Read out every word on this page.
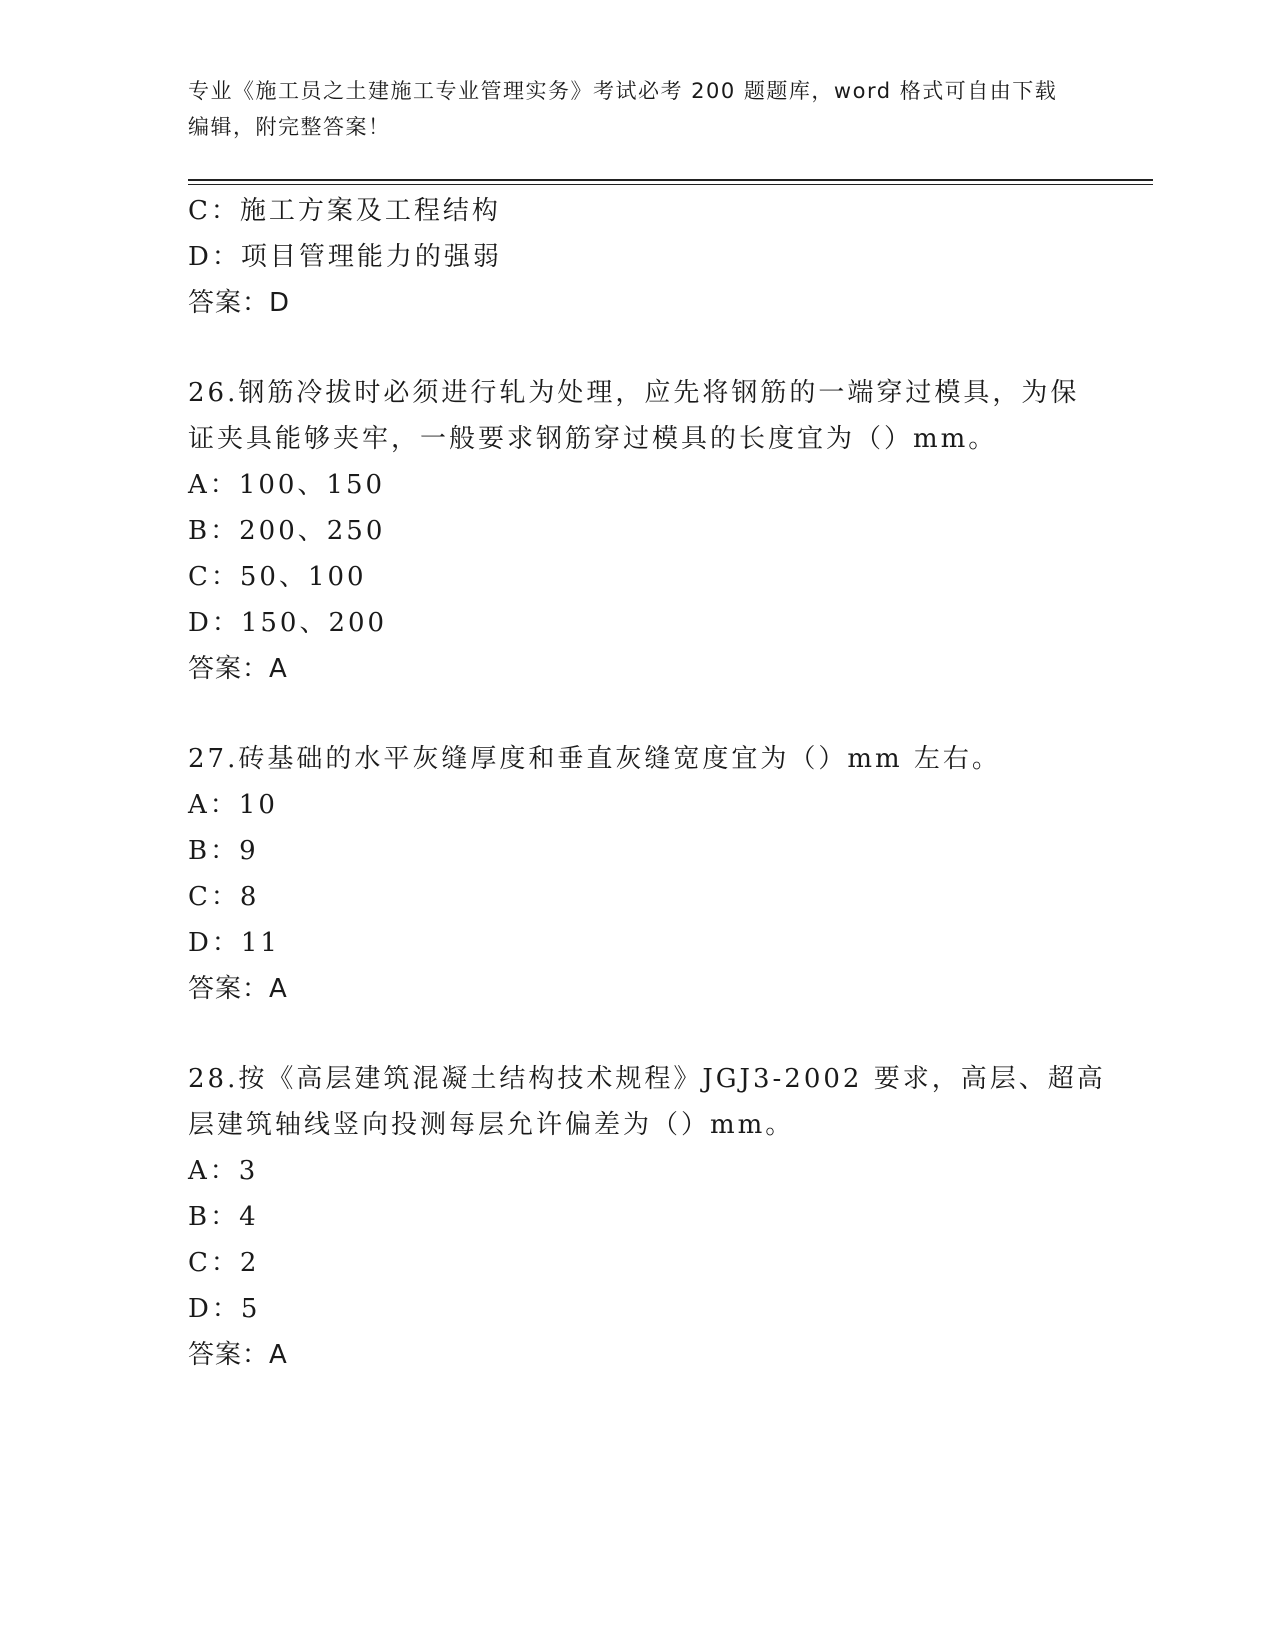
专业《施工员之土建施工专业管理实务》考试必考 200 题题库，word 格式可自由下载编辑，附完整答案！
C：施工方案及工程结构
D：项目管理能力的强弱
答案：D
26.钢筋冷拔时必须进行轧为处理，应先将钢筋的一端穿过模具，为保
证夹具能够夹牢，一般要求钢筋穿过模具的长度宜为（）mm。
A：100、150
B：200、250
C：50、100
D：150、200
答案：A
27.砖基础的水平灰缝厚度和垂直灰缝宽度宜为（）mm 左右。
A：10
B：9
C：8
D：11
答案：A
28.按《高层建筑混凝土结构技术规程》JGJ3-2002 要求，高层、超高
层建筑轴线竖向投测每层允许偏差为（）mm。
A：3
B：4
C：2
D：5
答案：A
